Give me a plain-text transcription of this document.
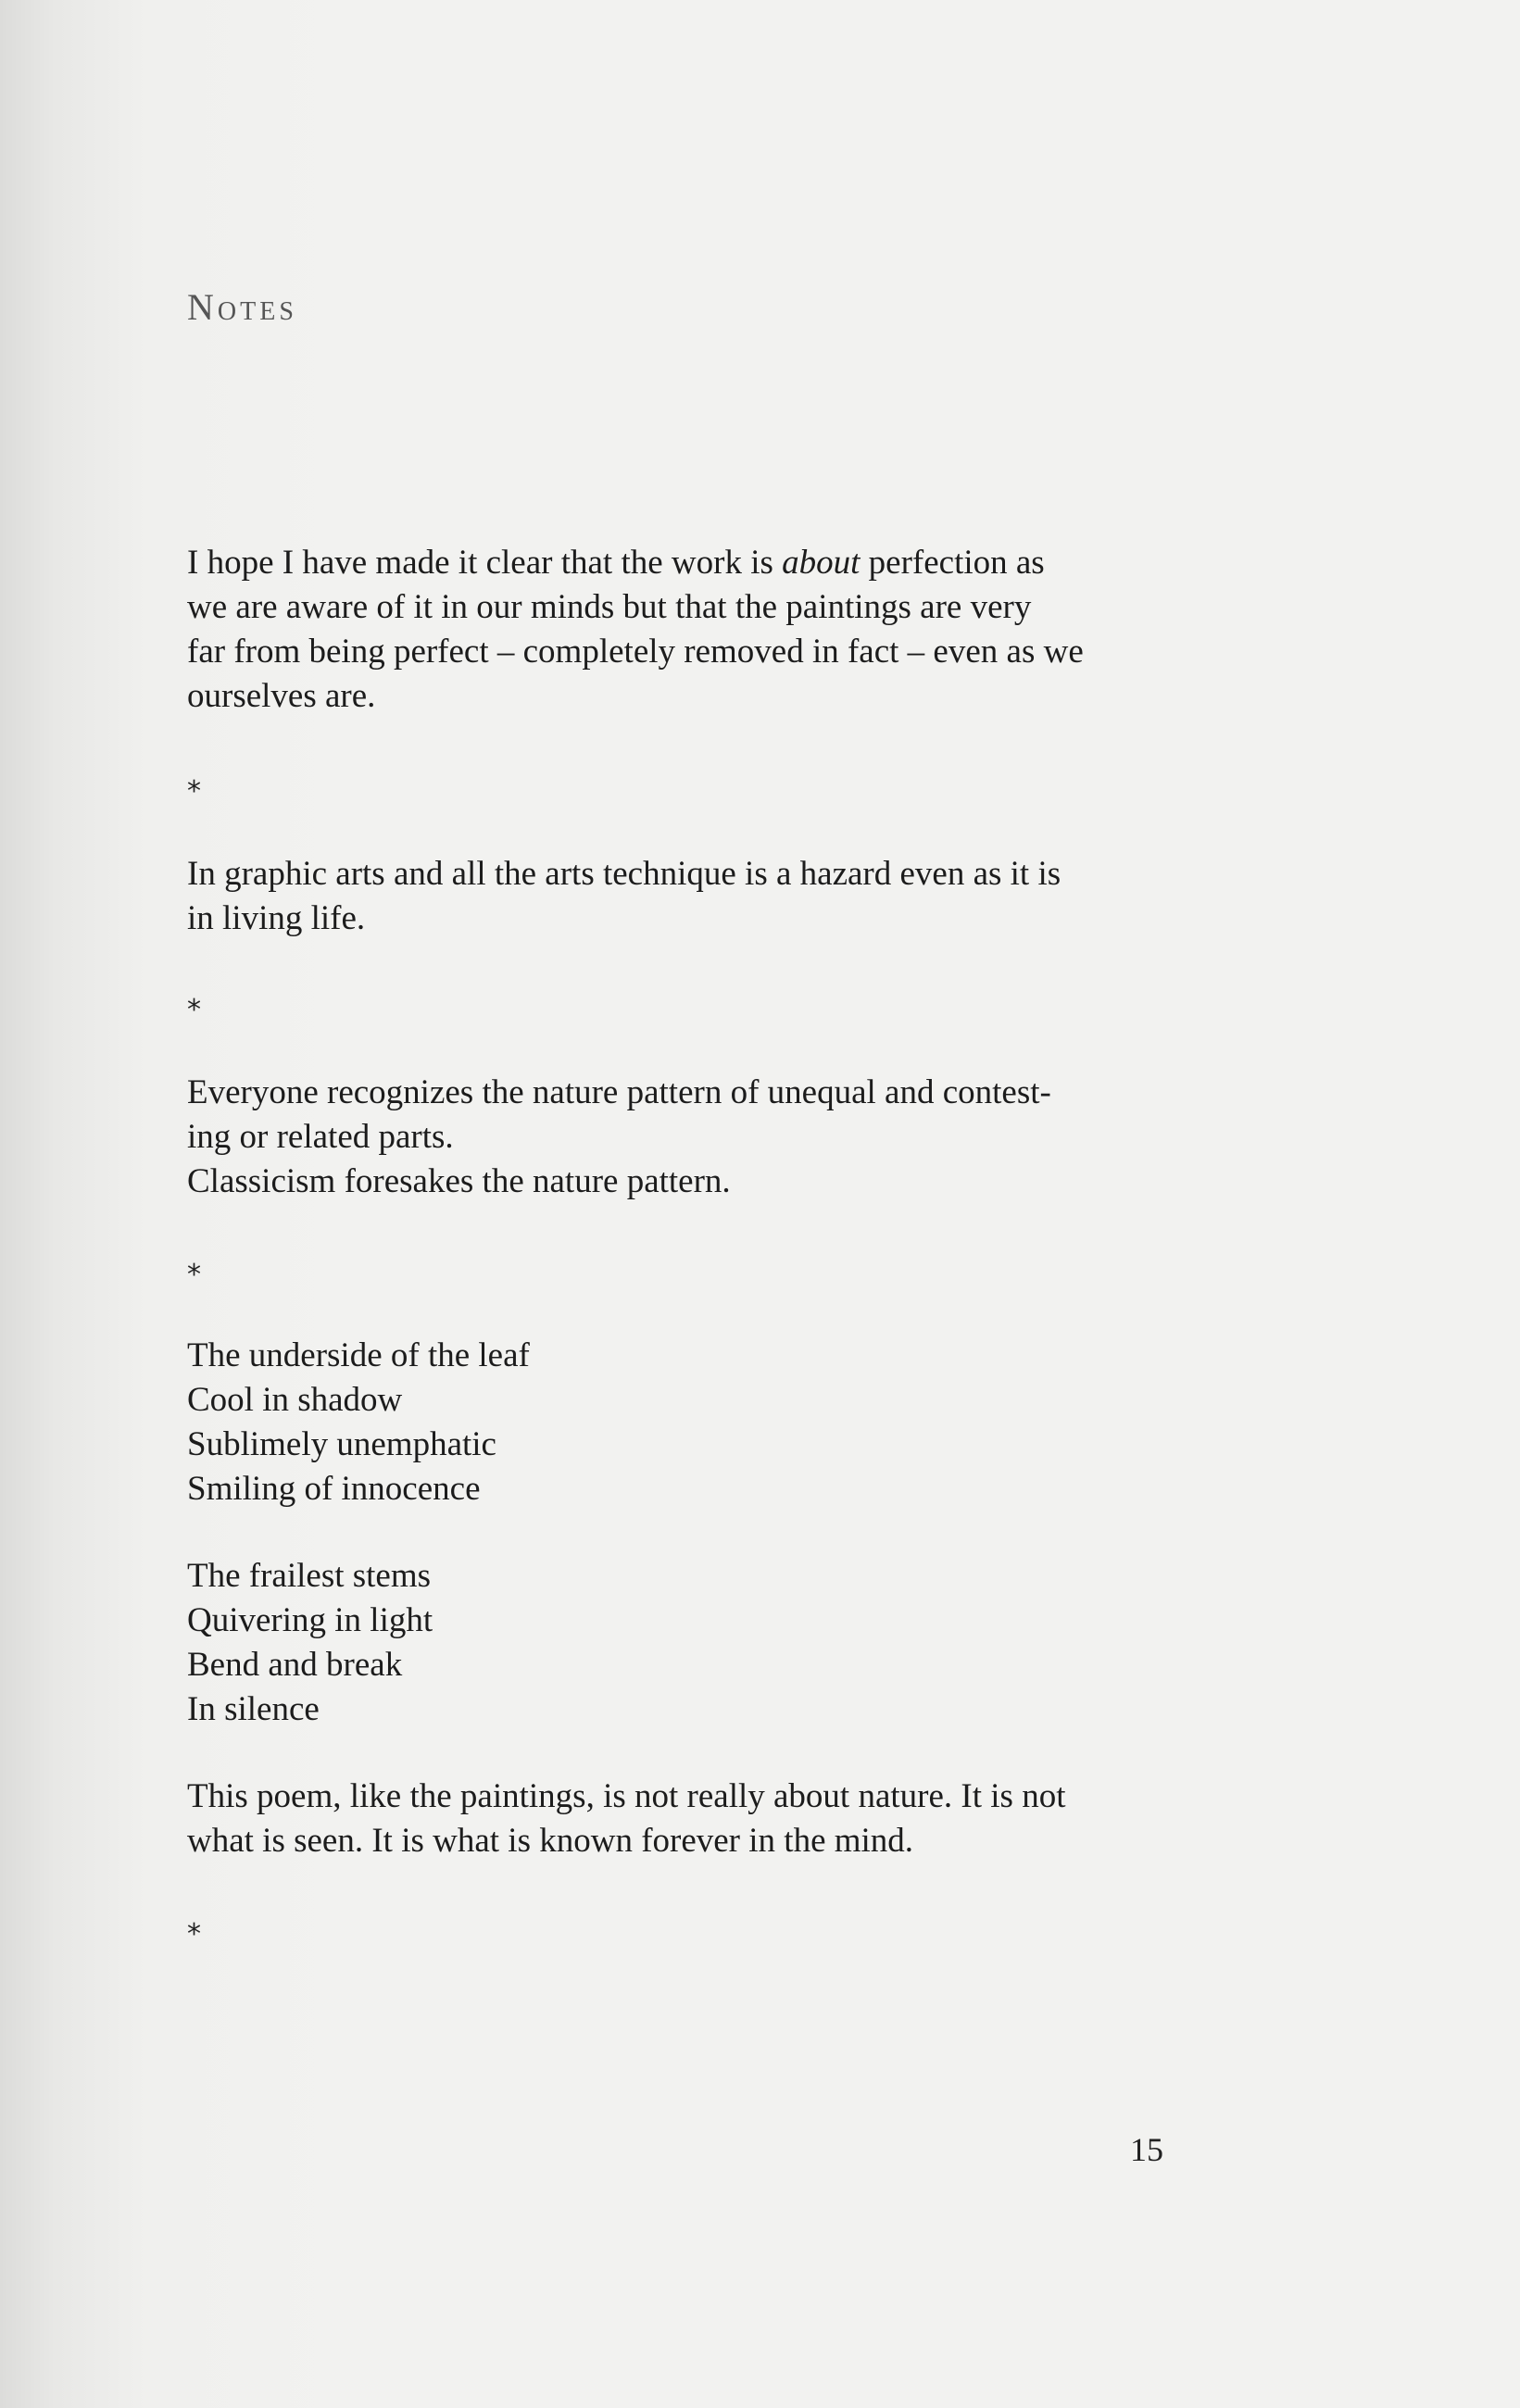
Notes
I hope I have made it clear that the work is about perfection as
we are aware of it in our minds but that the paintings are very
far from being perfect – completely removed in fact – even as we
ourselves are.
*
In graphic arts and all the arts technique is a hazard even as it is
in living life.
*
Everyone recognizes the nature pattern of unequal and contest-
ing or related parts.
Classicism foresakes the nature pattern.
*
The underside of the leaf
Cool in shadow
Sublimely unemphatic
Smiling of innocence
The frailest stems
Quivering in light
Bend and break
In silence
This poem, like the paintings, is not really about nature. It is not
what is seen. It is what is known forever in the mind.
*
15
